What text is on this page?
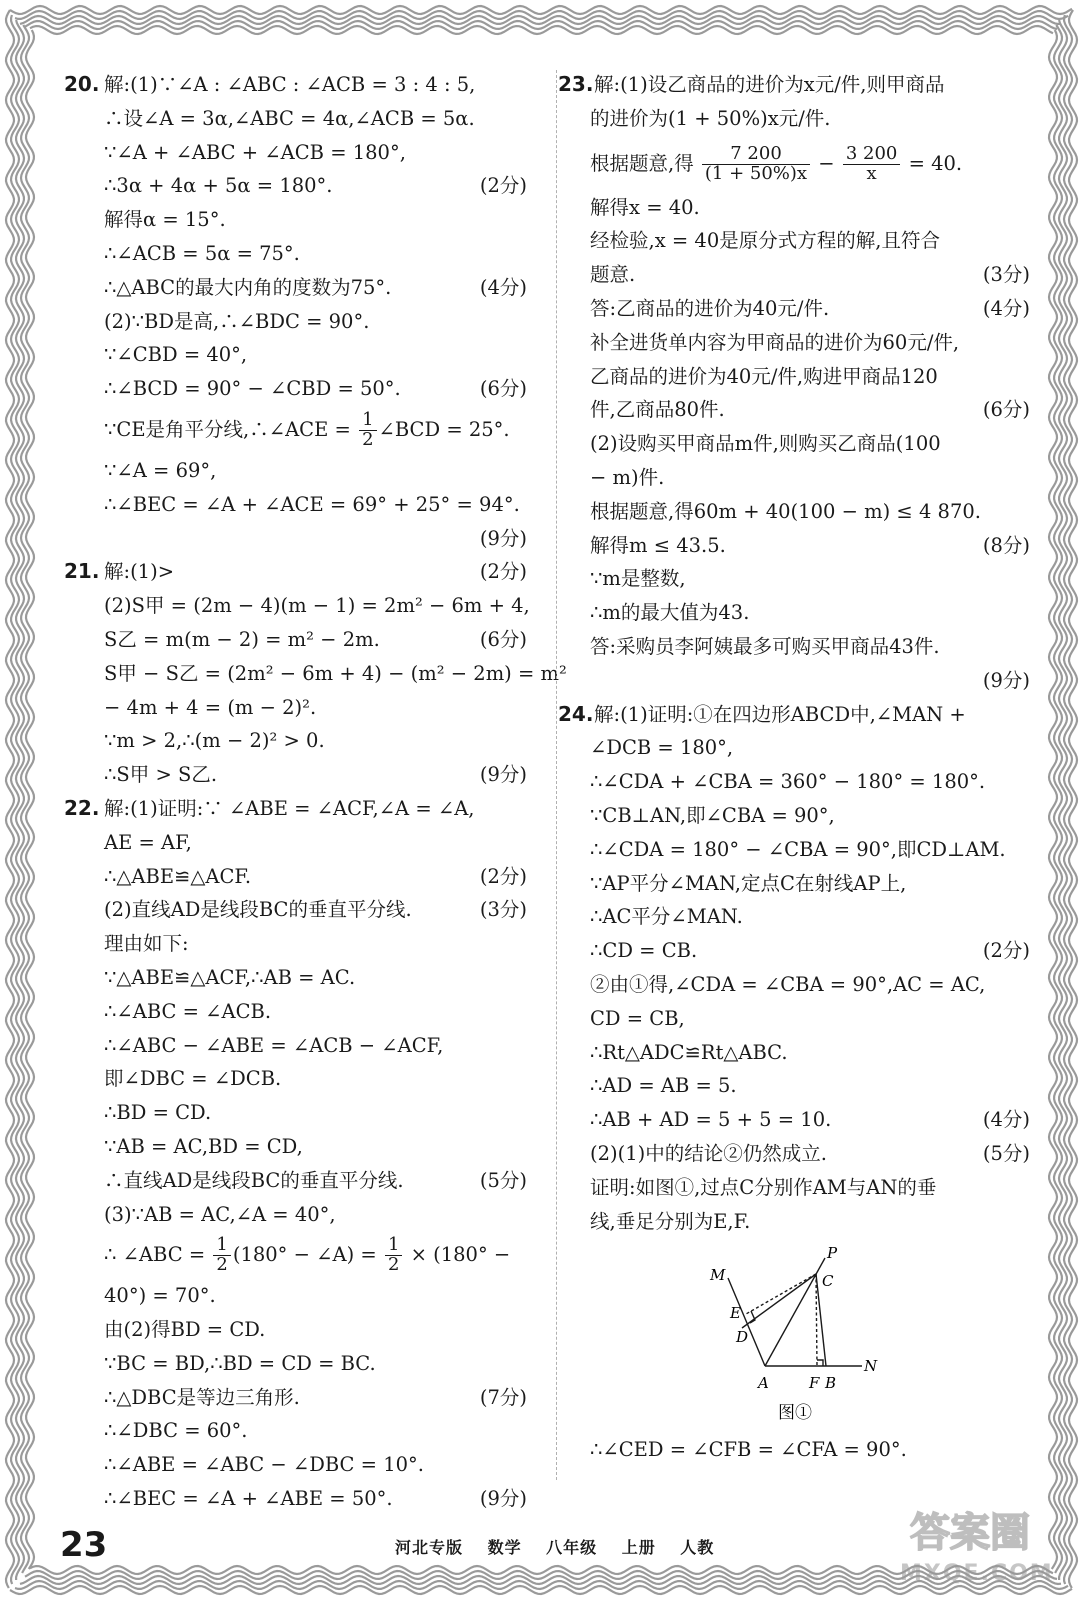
20. 解:(1)∵∠A : ∠ABC : ∠ACB = 3 : 4 : 5,
∴设∠A = 3α,∠ABC = 4α,∠ACB = 5α.
∵∠A + ∠ABC + ∠ACB = 180°,
∴3α + 4α + 5α = 180°.	(2分)
解得α = 15°.
∴∠ACB = 5α = 75°.
∴△ABC的最大内角的度数为75°.	(4分)
(2)∵BD是高,∴∠BDC = 90°.
∵∠CBD = 40°,
∴∠BCD = 90° − ∠CBD = 50°.	(6分)
∵CE是角平分线,∴∠ACE = $\frac{1}{2}$ ∠BCD = 25°.
∵∠A = 69°,
∴∠BEC = ∠A + ∠ACE = 69° + 25° = 94°.
(9分)
21. 解:(1)>	(2分)
(2)S甲 = (2m − 4)(m − 1) = 2m² − 6m + 4,
S乙 = m(m − 2) = m² − 2m.	(6分)
S甲 − S乙 = (2m² − 6m + 4) − (m² − 2m) = m²
− 4m + 4 = (m − 2)².
∵m > 2,∴(m − 2)² > 0.
∴S甲 > S乙.	(9分)
22. 解:(1)证明:∵ ∠ABE = ∠ACF,∠A = ∠A,
AE = AF,
∴△ABE≌△ACF.	(2分)
(2)直线AD是线段BC的垂直平分线.	(3分)
理由如下:
∵△ABE≌△ACF,∴AB = AC.
∴∠ABC = ∠ACB.
∴∠ABC − ∠ABE = ∠ACB − ∠ACF,
即∠DBC = ∠DCB.
∴BD = CD.
∵AB = AC,BD = CD,
∴直线AD是线段BC的垂直平分线.	(5分)
(3)∵AB = AC,∠A = 40°,
∴ ∠ABC = $\frac{1}{2} (180^\circ$ − ∠A) = $\frac{1}{2} \times (180^\circ$ −
40°) = 70°.
由(2)得BD = CD.
∵BC = BD,∴BD = CD = BC.
∴△DBC是等边三角形.	(7分)
∴∠DBC = 60°.
∴∠ABE = ∠ABC − ∠DBC = 10°.
∴∠BEC = ∠A + ∠ABE = 50°.	(9分)
23. 解:(1)设乙商品的进价为x元/件,则甲商品
的进价为(1 + 50%)x元/件.
根据题意,得 $\frac{7 200}{(1 + 50\%)x} - \frac{3 200}{x} = 40$.
解得x = 40.
经检验,x = 40是原分式方程的解,且符合
题意.	(3分)
答:乙商品的进价为40元/件.	(4分)
补全进货单内容为甲商品的进价为60元/件,
乙商品的进价为40元/件,购进甲商品120
件,乙商品80件.	(6分)
(2)设购买甲商品m件,则购买乙商品(100
− m)件.
根据题意,得60m + 40(100 − m) ≤ 4 870.
解得m ≤ 43.5.	(8分)
∵m是整数,
∴m的最大值为43.
答:采购员李阿姨最多可购买甲商品43件.
(9分)
24. 解:(1)证明:①在四边形ABCD中,∠MAN +
∠DCB = 180°,
∴∠CDA + ∠CBA = 360° − 180° = 180°.
∵CB⊥AN,即∠CBA = 90°,
∴∠CDA = 180° − ∠CBA = 90°,即CD⊥AM.
∵AP平分∠MAN,定点C在射线AP上,
∴AC平分∠MAN.
∴CD = CB.	(2分)
②由①得,∠CDA = ∠CBA = 90°,AC = AC,
CD = CB,
∴Rt△ADC≌Rt△ABC.
∴AD = AB = 5.
∴AB + AD = 5 + 5 = 10.	(4分)
(2)(1)中的结论②仍然成立.	(5分)
证明:如图①,过点C分别作AM与AN的垂
线,垂足分别为E,F.
M
P
C
E
D
A	F B
N
图①
∴∠CED = ∠CFB = ∠CFA = 90°.
23	河北专版 数学 八年级 上册 人教	答案圈
MXQE.COM
